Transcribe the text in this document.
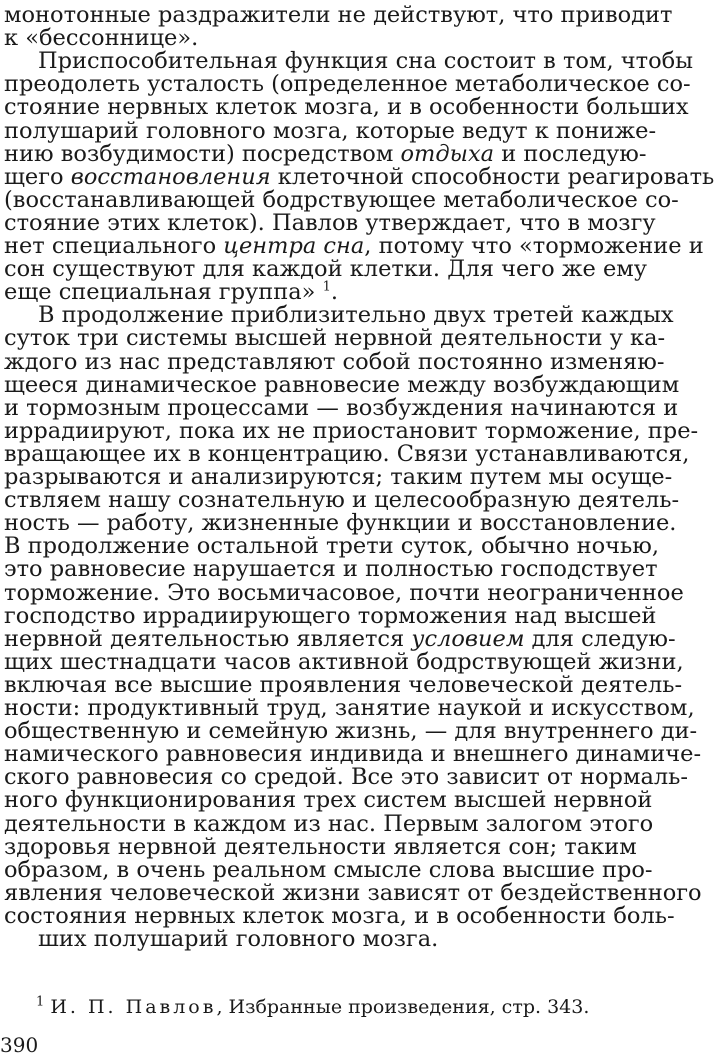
монотонные раздражители не действуют, что приводит
к «бессоннице».
Приспособительная функция сна состоит в том, чтобы
преодолеть усталость (определенное метаболическое со-
стояние нервных клеток мозга, и в особенности больших
полушарий головного мозга, которые ведут к пониже-
нию возбудимости) посредством отдыха и последую-
щего восстановления клеточной способности реагировать
(восстанавливающей бодрствующее метаболическое со-
стояние этих клеток). Павлов утверждает, что в мозгу
нет специального центра сна, потому что «торможение и
сон существуют для каждой клетки. Для чего же ему
еще специальная группа» $^1$.
В продолжение приблизительно двух третей каждых
суток три системы высшей нервной деятельности у ка-
ждого из нас представляют собой постоянно изменяю-
щееся динамическое равновесие между возбуждающим
и тормозным процессами — возбуждения начинаются и
иррадиируют, пока их не приостановит торможение, пре-
вращающее их в концентрацию. Связи устанавливаются,
разрываются и анализируются; таким путем мы осуще-
ствляем нашу сознательную и целесообразную деятель-
ность — работу, жизненные функции и восстановление.
В продолжение остальной трети суток, обычно ночью,
это равновесие нарушается и полностью господствует
торможение. Это восьмичасовое, почти неограниченное
господство иррадиирующего торможения над высшей
нервной деятельностью является условием для следую-
щих шестнадцати часов активной бодрствующей жизни,
включая все высшие проявления человеческой деятель-
ности: продуктивный труд, занятие наукой и искусством,
общественную и семейную жизнь, — для внутреннего ди-
намического равновесия индивида и внешнего динамиче-
ского равновесия со средой. Все это зависит от нормаль-
ного функционирования трех систем высшей нервной
деятельности в каждом из нас. Первым залогом этого
здоровья нервной деятельности является сон; таким
образом, в очень реальном смысле слова высшие про-
явления человеческой жизни зависят от бездейственного
состояния нервных клеток мозга, и в особенности боль-
ших полушарий головного мозга.
$^1$ И. П. Павлов, Избранные произведения, стр. 343.
390
